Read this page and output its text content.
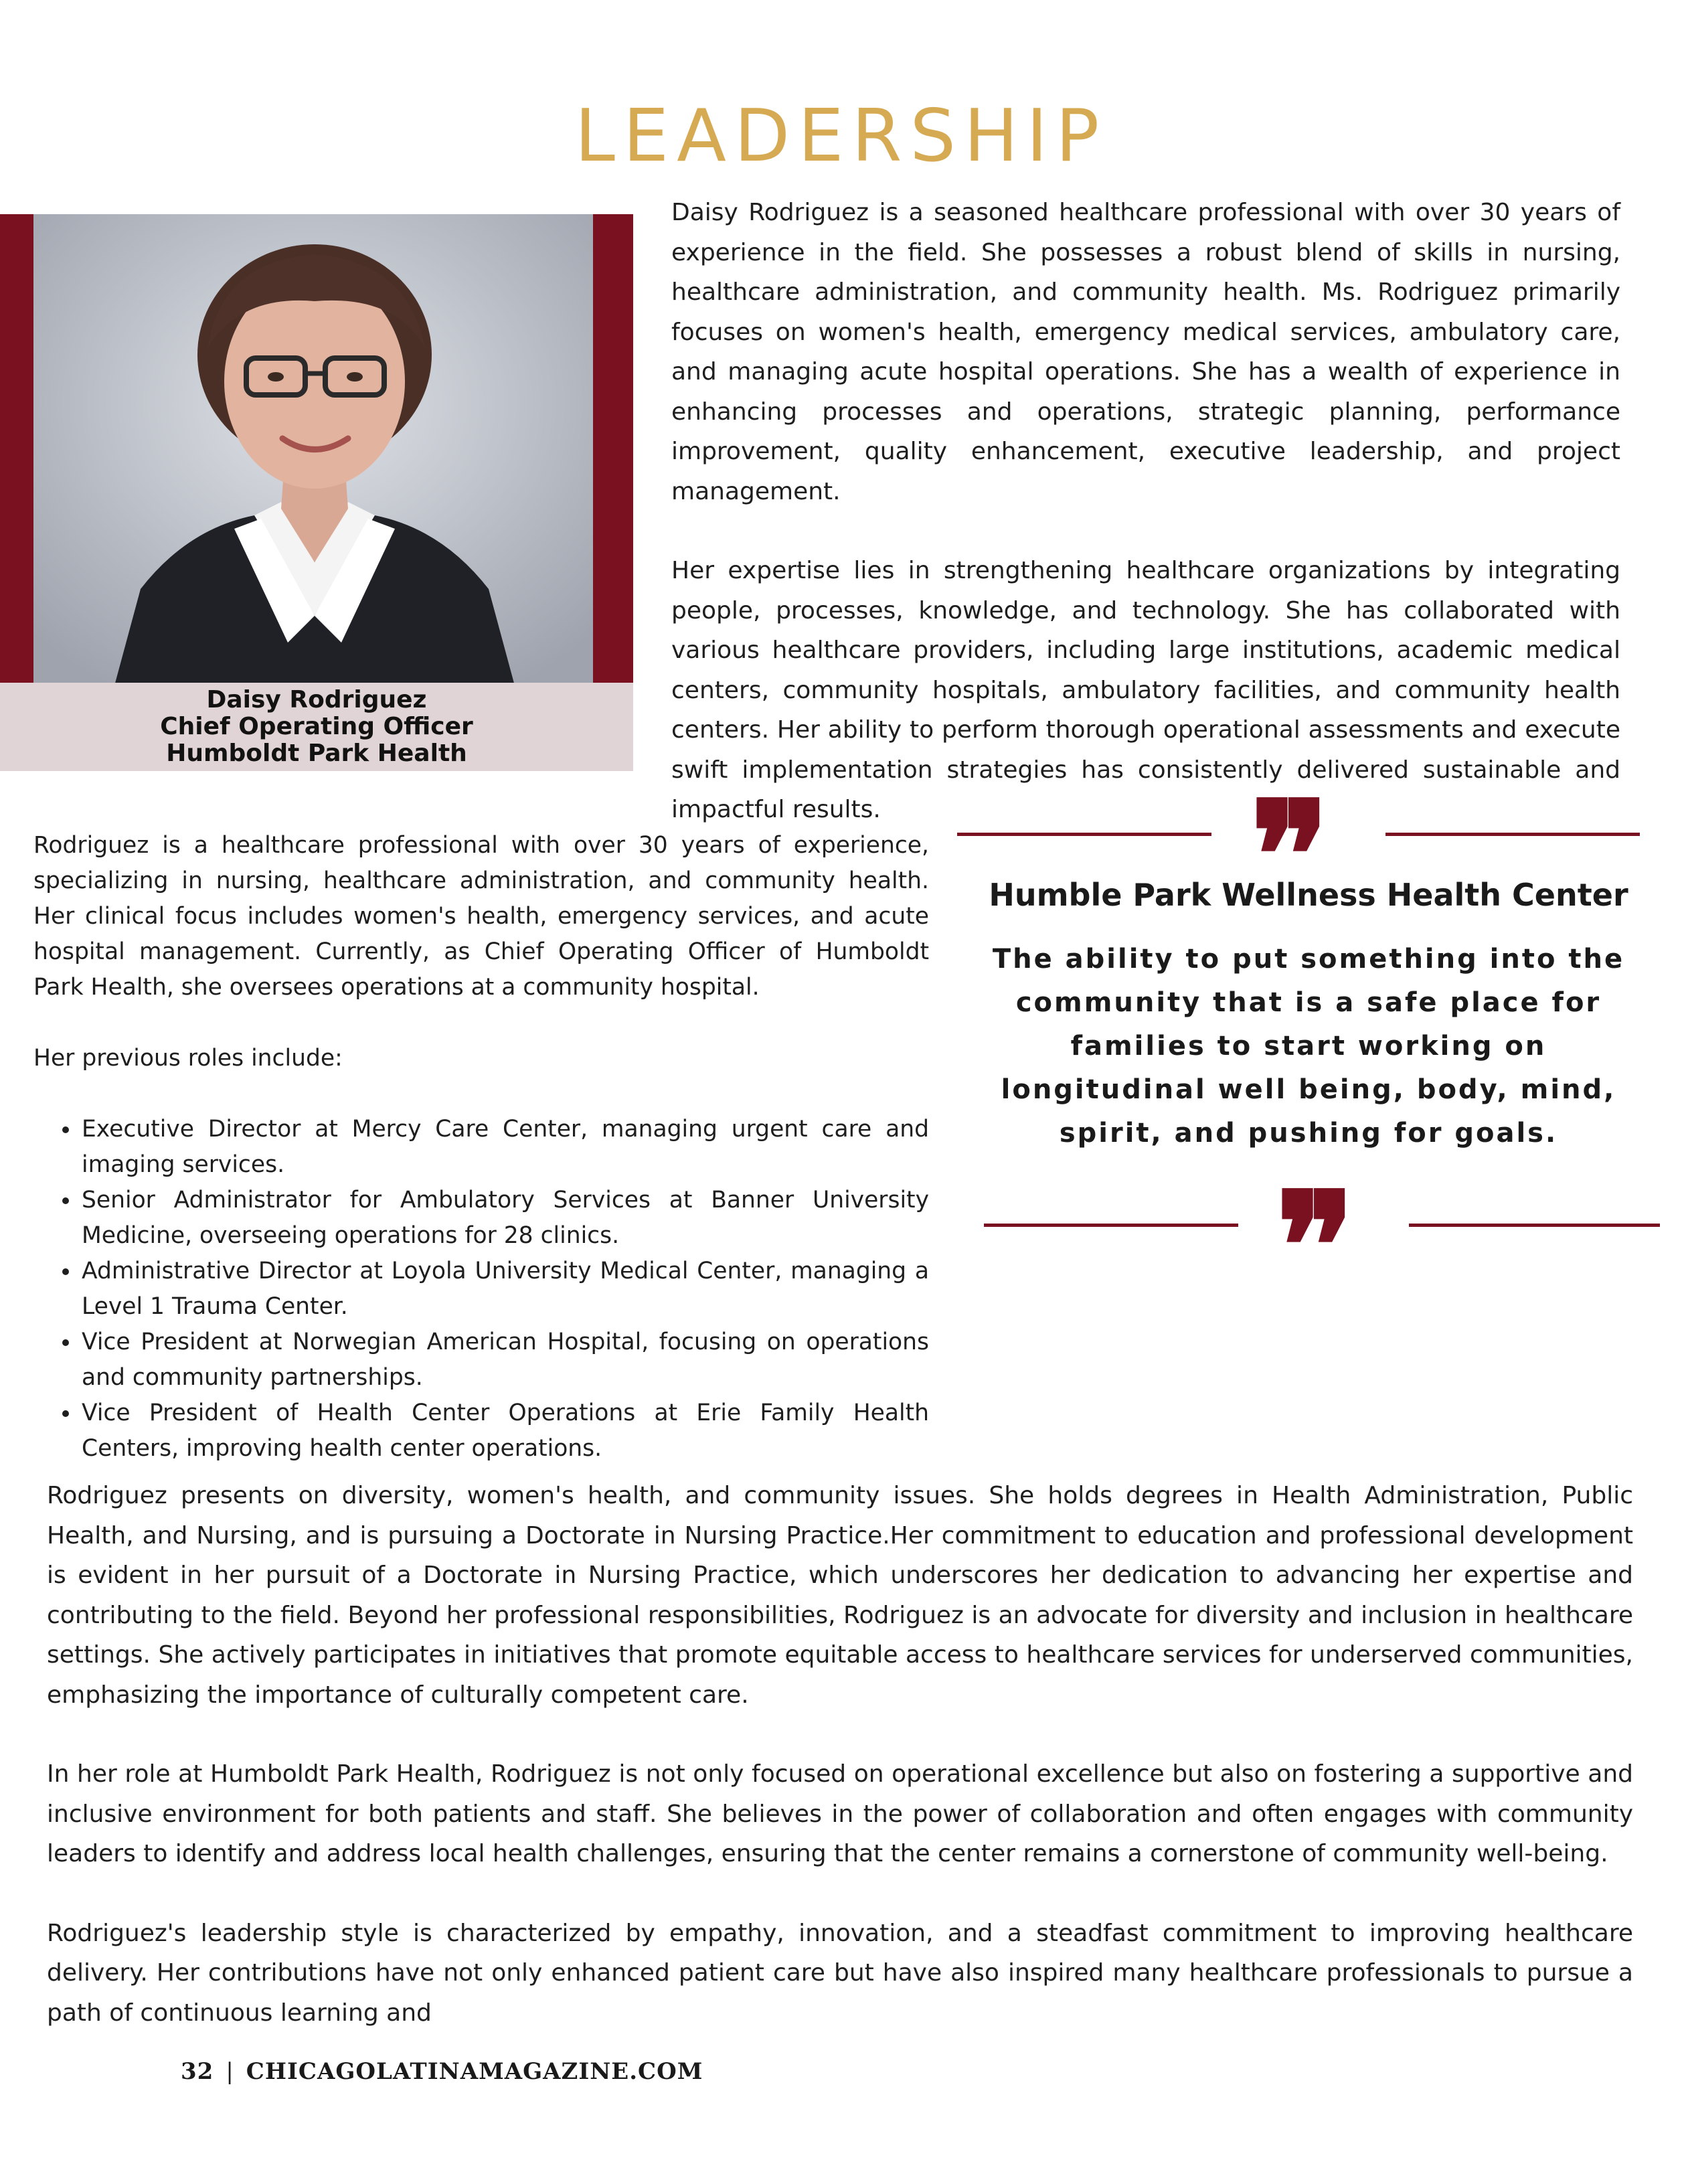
LEADERSHIP
Daisy Rodriguez
Chief Operating Officer
Humboldt Park Health

Daisy Rodriguez is a seasoned healthcare professional with over 30 years of experience in the field. She possesses a robust blend of skills in nursing, healthcare administration, and community health. Ms. Rodriguez primarily focuses on women's health, emergency medical services, ambulatory care, and managing acute hospital operations. She has a wealth of experience in enhancing processes and operations, strategic planning, performance improvement, quality enhancement, executive leadership, and project management.

Her expertise lies in strengthening healthcare organizations by integrating people, processes, knowledge, and technology. She has collaborated with various healthcare providers, including large institutions, academic medical centers, community hospitals, ambulatory facilities, and community health centers. Her ability to perform thorough operational assessments and execute swift implementation strategies has consistently delivered sustainable and impactful results.

Rodriguez is a healthcare professional with over 30 years of experience, specializing in nursing, healthcare administration, and community health. Her clinical focus includes women's health, emergency services, and acute hospital management. Currently, as Chief Operating Officer of Humboldt Park Health, she oversees operations at a community hospital.

Her previous roles include:

• Executive Director at Mercy Care Center, managing urgent care and imaging services.
• Senior Administrator for Ambulatory Services at Banner University Medicine, overseeing operations for 28 clinics.
• Administrative Director at Loyola University Medical Center, managing a Level 1 Trauma Center.
• Vice President at Norwegian American Hospital, focusing on operations and community partnerships.
• Vice President of Health Center Operations at Erie Family Health Centers, improving health center operations.
❞
Humble Park Wellness Health Center
The ability to put something into the community that is a safe place for families to start working on longitudinal well being, body, mind, spirit, and pushing for goals.
❞

Rodriguez presents on diversity, women's health, and community issues. She holds degrees in Health Administration, Public Health, and Nursing, and is pursuing a Doctorate in Nursing Practice.Her commitment to education and professional development is evident in her pursuit of a Doctorate in Nursing Practice, which underscores her dedication to advancing her expertise and contributing to the field. Beyond her professional responsibilities, Rodriguez is an advocate for diversity and inclusion in healthcare settings. She actively participates in initiatives that promote equitable access to healthcare services for underserved communities, emphasizing the importance of culturally competent care.

In her role at Humboldt Park Health, Rodriguez is not only focused on operational excellence but also on fostering a supportive and inclusive environment for both patients and staff. She believes in the power of collaboration and often engages with community leaders to identify and address local health challenges, ensuring that the center remains a cornerstone of community well-being.

Rodriguez's leadership style is characterized by empathy, innovation, and a steadfast commitment to improving healthcare delivery. Her contributions have not only enhanced patient care but have also inspired many healthcare professionals to pursue a path of continuous learning and

32 | CHICAGOLATINAMAGAZINE.COM
